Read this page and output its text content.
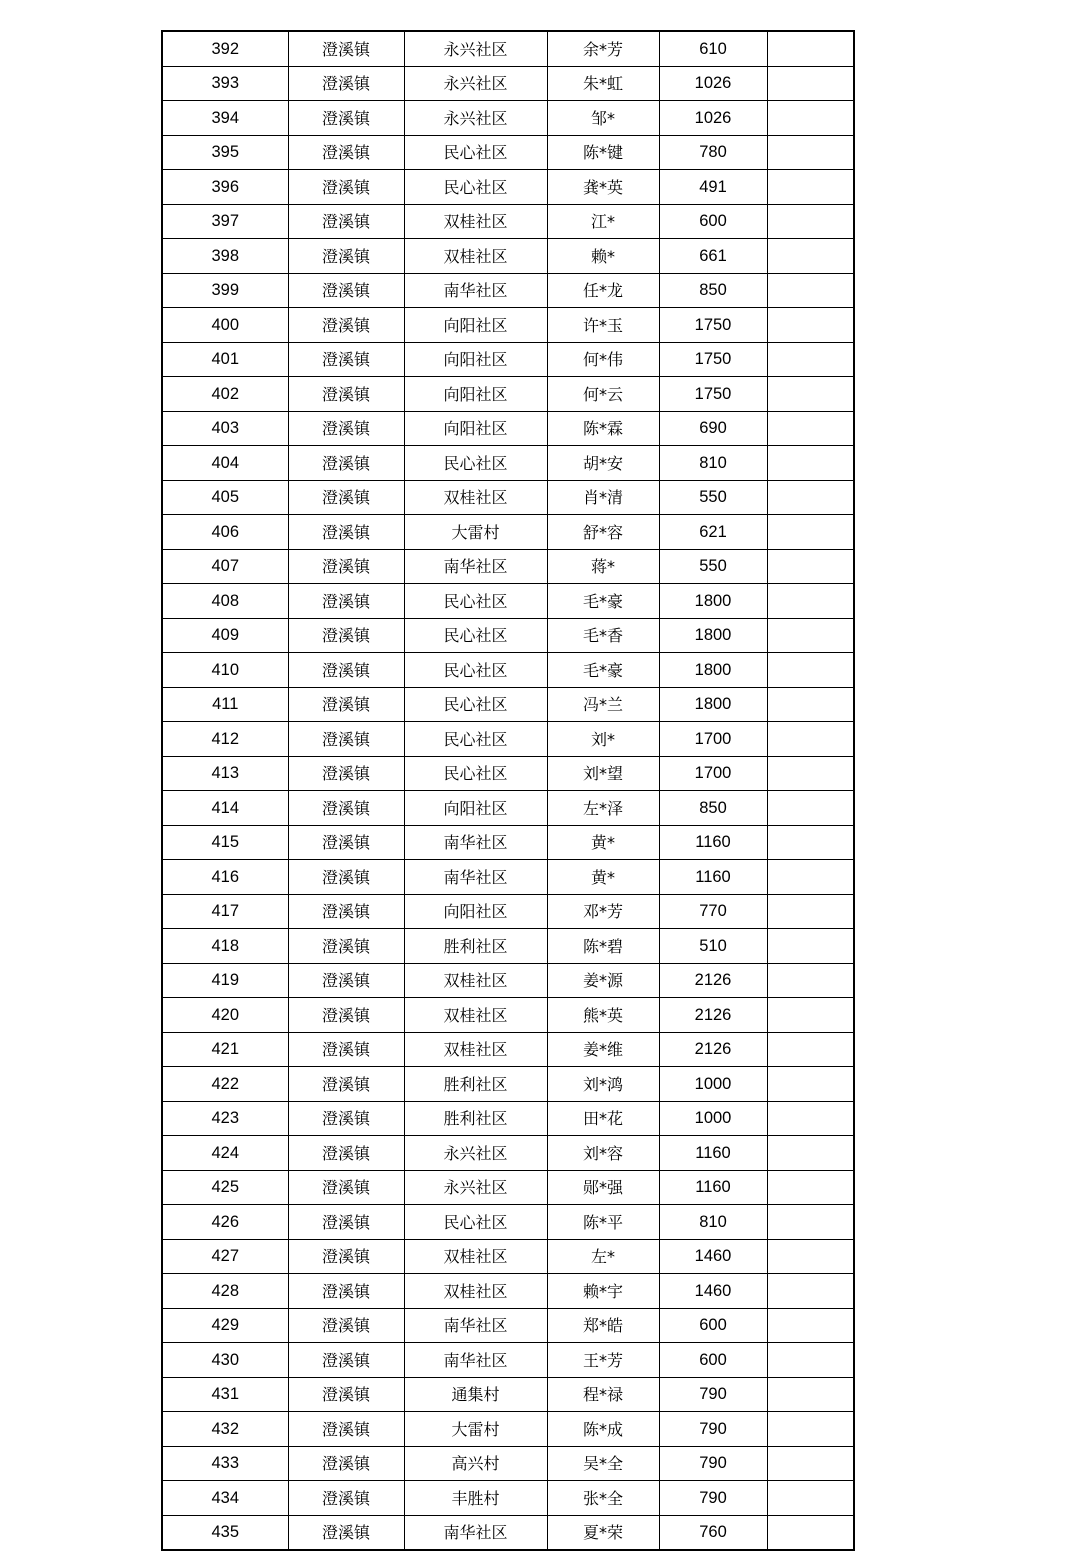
392	澄溪镇	永兴社区	余*芳	610	
393	澄溪镇	永兴社区	朱*虹	1026	
394	澄溪镇	永兴社区	邹*	1026	
395	澄溪镇	民心社区	陈*键	780	
396	澄溪镇	民心社区	龚*英	491	
397	澄溪镇	双桂社区	江*	600	
398	澄溪镇	双桂社区	赖*	661	
399	澄溪镇	南华社区	任*龙	850	
400	澄溪镇	向阳社区	许*玉	1750	
401	澄溪镇	向阳社区	何*伟	1750	
402	澄溪镇	向阳社区	何*云	1750	
403	澄溪镇	向阳社区	陈*霖	690	
404	澄溪镇	民心社区	胡*安	810	
405	澄溪镇	双桂社区	肖*清	550	
406	澄溪镇	大雷村	舒*容	621	
407	澄溪镇	南华社区	蒋*	550	
408	澄溪镇	民心社区	毛*豪	1800	
409	澄溪镇	民心社区	毛*香	1800	
410	澄溪镇	民心社区	毛*豪	1800	
411	澄溪镇	民心社区	冯*兰	1800	
412	澄溪镇	民心社区	刘*	1700	
413	澄溪镇	民心社区	刘*望	1700	
414	澄溪镇	向阳社区	左*泽	850	
415	澄溪镇	南华社区	黄*	1160	
416	澄溪镇	南华社区	黄*	1160	
417	澄溪镇	向阳社区	邓*芳	770	
418	澄溪镇	胜利社区	陈*碧	510	
419	澄溪镇	双桂社区	姜*源	2126	
420	澄溪镇	双桂社区	熊*英	2126	
421	澄溪镇	双桂社区	姜*维	2126	
422	澄溪镇	胜利社区	刘*鸿	1000	
423	澄溪镇	胜利社区	田*花	1000	
424	澄溪镇	永兴社区	刘*容	1160	
425	澄溪镇	永兴社区	郧*强	1160	
426	澄溪镇	民心社区	陈*平	810	
427	澄溪镇	双桂社区	左*	1460	
428	澄溪镇	双桂社区	赖*宇	1460	
429	澄溪镇	南华社区	郑*皓	600	
430	澄溪镇	南华社区	王*芳	600	
431	澄溪镇	通集村	程*禄	790	
432	澄溪镇	大雷村	陈*成	790	
433	澄溪镇	高兴村	吴*全	790	
434	澄溪镇	丰胜村	张*全	790	
435	澄溪镇	南华社区	夏*荣	760	
